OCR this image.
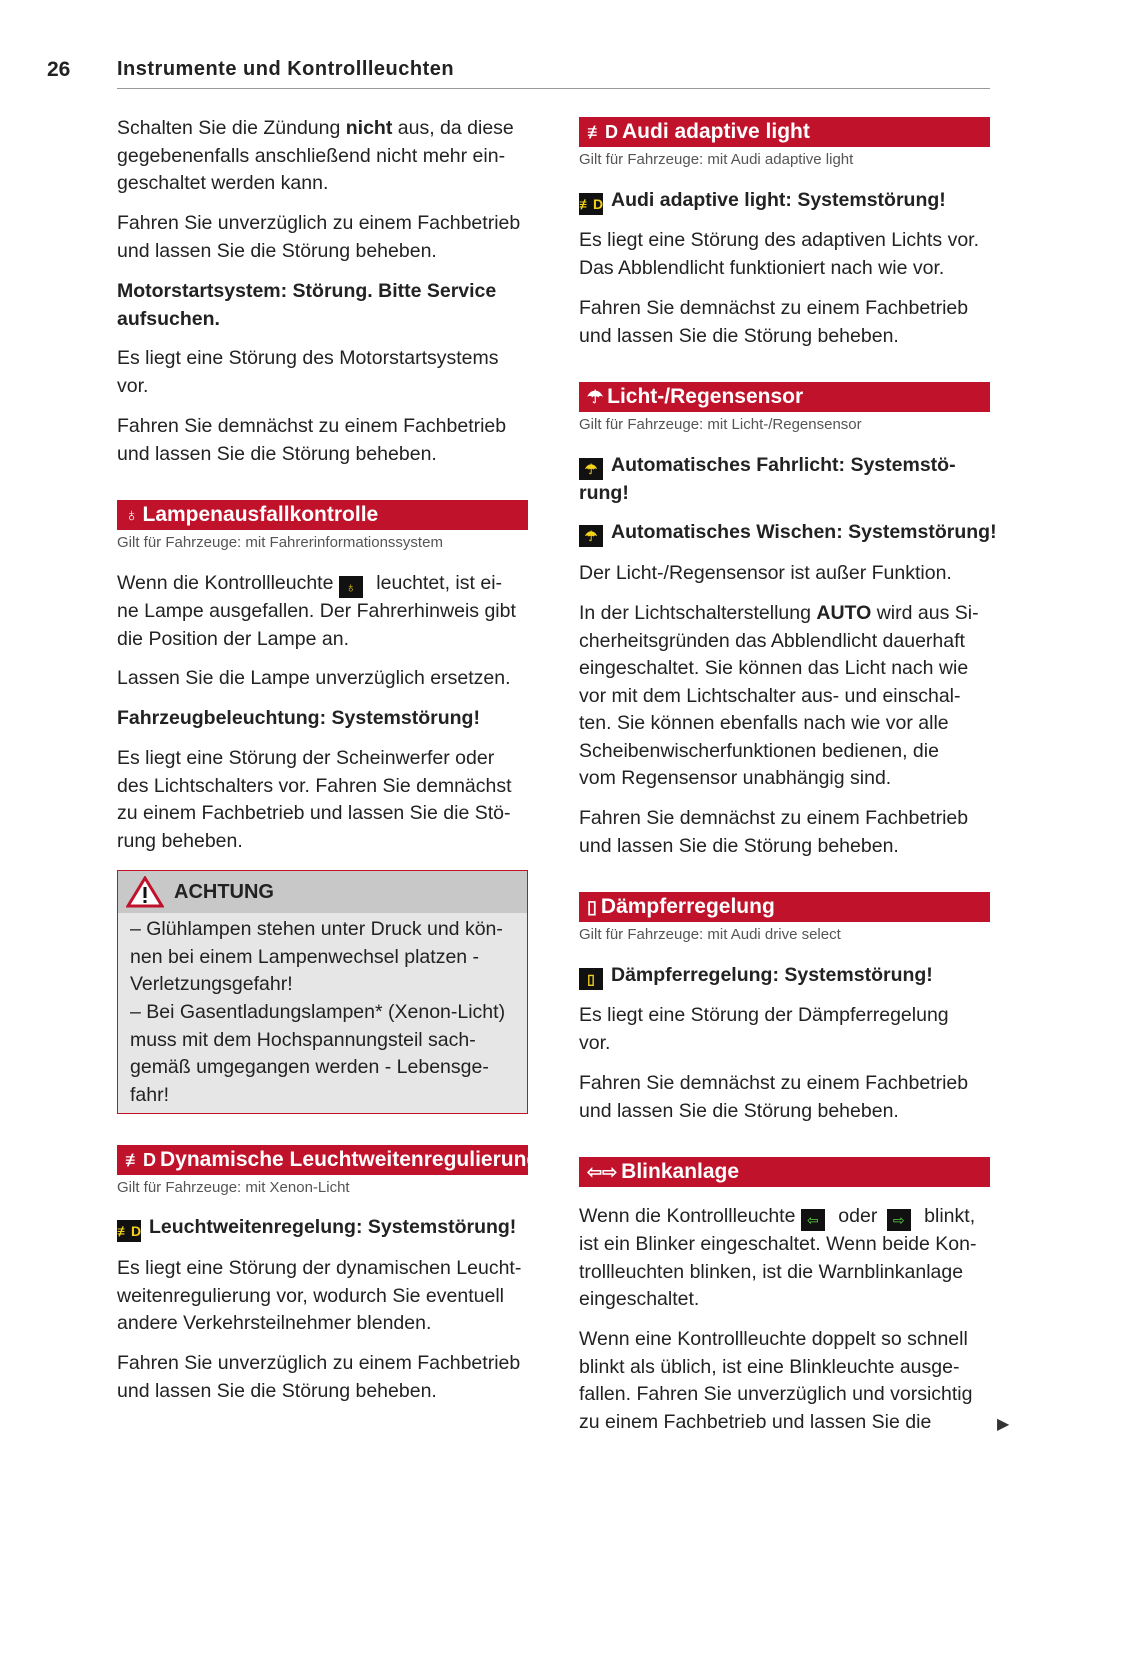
26 Instrumente und Kontrollleuchten
Schalten Sie die Zündung nicht aus, da diese
gegebenenfalls anschließend nicht mehr ein-
geschaltet werden kann.
Fahren Sie unverzüglich zu einem Fachbetrieb
und lassen Sie die Störung beheben.
Motorstartsystem: Störung. Bitte Service
aufsuchen.
Es liegt eine Störung des Motorstartsystems
vor.
Fahren Sie demnächst zu einem Fachbetrieb
und lassen Sie die Störung beheben.
♁ Lampenausfallkontrolle
Gilt für Fahrzeuge: mit Fahrerinformationssystem
Wenn die Kontrollleuchte ♁ leuchtet, ist ei-
ne Lampe ausgefallen. Der Fahrerhinweis gibt
die Position der Lampe an.
Lassen Sie die Lampe unverzüglich ersetzen.
Fahrzeugbeleuchtung: Systemstörung!
Es liegt eine Störung der Scheinwerfer oder
des Lichtschalters vor. Fahren Sie demnächst
zu einem Fachbetrieb und lassen Sie die Stö-
rung beheben.
ACHTUNG
– Glühlampen stehen unter Druck und kön-
nen bei einem Lampenwechsel platzen -
Verletzungsgefahr!
– Bei Gasentladungslampen* (Xenon-Licht)
muss mit dem Hochspannungsteil sach-
gemäß umgegangen werden - Lebensge-
fahr!
≢D Dynamische Leuchtweitenregulierung
Gilt für Fahrzeuge: mit Xenon-Licht
≢D Leuchtweitenregelung: Systemstörung!
Es liegt eine Störung der dynamischen Leucht-
weitenregulierung vor, wodurch Sie eventuell
andere Verkehrsteilnehmer blenden.
Fahren Sie unverzüglich zu einem Fachbetrieb
und lassen Sie die Störung beheben.
≢D Audi adaptive light
Gilt für Fahrzeuge: mit Audi adaptive light
≢D Audi adaptive light: Systemstörung!
Es liegt eine Störung des adaptiven Lichts vor.
Das Abblendlicht funktioniert nach wie vor.
Fahren Sie demnächst zu einem Fachbetrieb
und lassen Sie die Störung beheben.
☂ Licht-/Regensensor
Gilt für Fahrzeuge: mit Licht-/Regensensor
☂ Automatisches Fahrlicht: Systemstö-
rung!
☂ Automatisches Wischen: Systemstörung!
Der Licht-/Regensensor ist außer Funktion.
In der Lichtschalterstellung AUTO wird aus Si-
cherheitsgründen das Abblendlicht dauerhaft
eingeschaltet. Sie können das Licht nach wie
vor mit dem Lichtschalter aus- und einschal-
ten. Sie können ebenfalls nach wie vor alle
Scheibenwischerfunktionen bedienen, die
vom Regensensor unabhängig sind.
Fahren Sie demnächst zu einem Fachbetrieb
und lassen Sie die Störung beheben.
▯ Dämpferregelung
Gilt für Fahrzeuge: mit Audi drive select
▯ Dämpferregelung: Systemstörung!
Es liegt eine Störung der Dämpferregelung
vor.
Fahren Sie demnächst zu einem Fachbetrieb
und lassen Sie die Störung beheben.
⇦⇨ Blinkanlage
Wenn die Kontrollleuchte ⇦ oder ⇨ blinkt,
ist ein Blinker eingeschaltet. Wenn beide Kon-
trollleuchten blinken, ist die Warnblinkanlage
eingeschaltet.
Wenn eine Kontrollleuchte doppelt so schnell
blinkt als üblich, ist eine Blinkleuchte ausge-
fallen. Fahren Sie unverzüglich und vorsichtig
zu einem Fachbetrieb und lassen Sie die	▶
